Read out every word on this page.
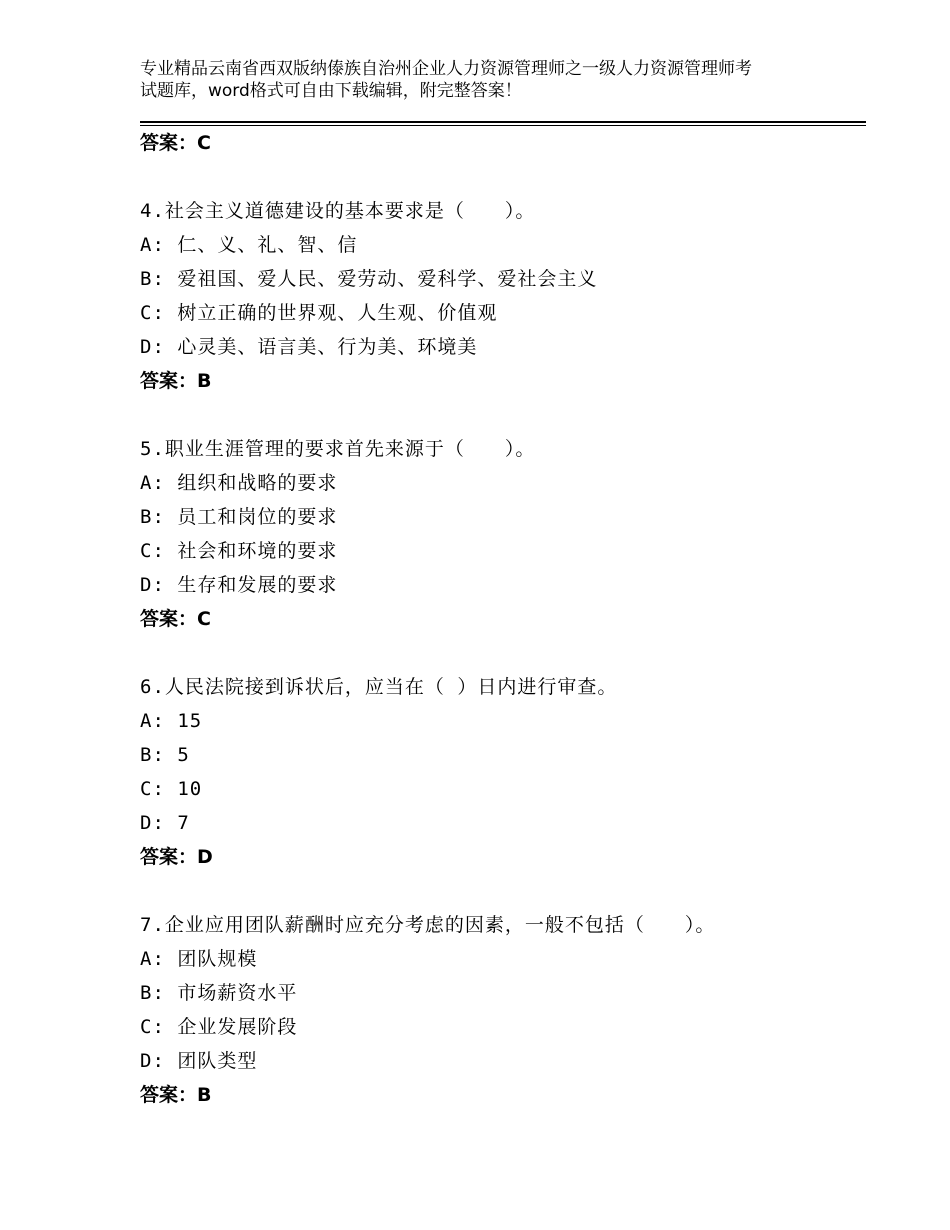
专业精品云南省西双版纳傣族自治州企业人力资源管理师之一级人力资源管理师考
试题库，word格式可自由下载编辑，附完整答案！
答案：C
4.社会主义道德建设的基本要求是（　　）。
A: 仁、义、礼、智、信
B: 爱祖国、爱人民、爱劳动、爱科学、爱社会主义
C: 树立正确的世界观、人生观、价值观
D: 心灵美、语言美、行为美、环境美
答案：B
5.职业生涯管理的要求首先来源于（　　）。
A: 组织和战略的要求
B: 员工和岗位的要求
C: 社会和环境的要求
D: 生存和发展的要求
答案：C
6.人民法院接到诉状后，应当在（ ）日内进行审查。
A: 15
B: 5
C: 10
D: 7
答案：D
7.企业应用团队薪酬时应充分考虑的因素，一般不包括（　　）。
A: 团队规模
B: 市场薪资水平
C: 企业发展阶段
D: 团队类型
答案：B
